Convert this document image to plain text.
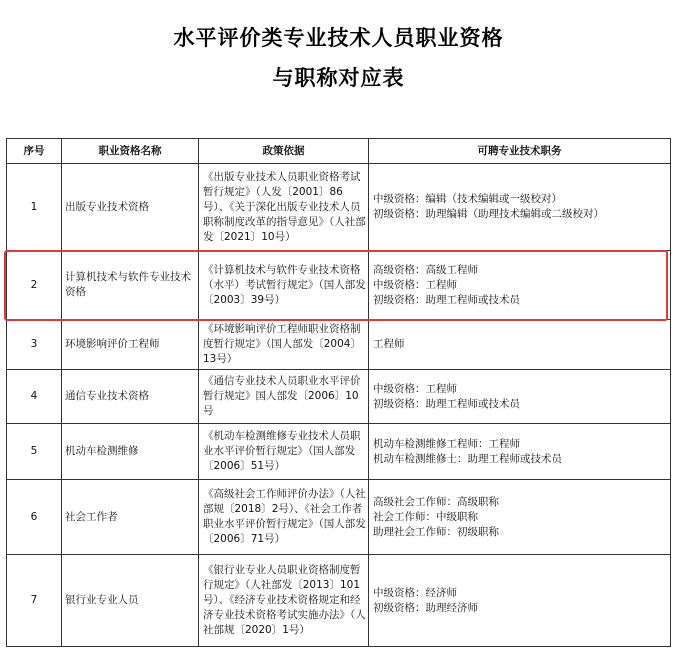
水平评价类专业技术人员职业资格
与职称对应表
序号	职业资格名称	政策依据	可聘专业技术职务
1	出版专业技术资格	《出版专业技术人员职业资格考试暂行规定》（人发〔2001〕86号）、《关于深化出版专业技术人员职称制度改革的指导意见》（人社部发〔2021〕10号）	中级资格：编辑（技术编辑或一级校对）
初级资格：助理编辑（助理技术编辑或二级校对）

2	计算机技术与软件专业技术资格	《计算机技术与软件专业技术资格（水平）考试暂行规定》（国人部发〔2003〕39号）	高级资格：高级工程师
中级资格：工程师
初级资格：助理工程师或技术员

3	环境影响评价工程师	《环境影响评价工程师职业资格制度暂行规定》（国人部发〔2004〕13号）	工程师

4	通信专业技术资格	《通信专业技术人员职业水平评价暂行规定》国人部发〔2006〕10号	中级资格：工程师
初级资格：助理工程师或技术员

5	机动车检测维修	《机动车检测维修专业技术人员职业水平评价暂行规定》（国人部发〔2006〕51号）	机动车检测维修工程师：工程师
机动车检测维修士：助理工程师或技术员

6	社会工作者	《高级社会工作师评价办法》（人社部规〔2018〕2号）、《社会工作者职业水平评价暂行规定》（国人部发〔2006〕71号）	高级社会工作师：高级职称
社会工作师：中级职称
助理社会工作师：初级职称

7	银行业专业人员	《银行业专业人员职业资格制度暂行规定》（人社部发〔2013〕101号）、《经济专业技术资格规定和经济专业技术资格考试实施办法》（人社部规〔2020〕1号）	中级资格：经济师
初级资格：助理经济师
